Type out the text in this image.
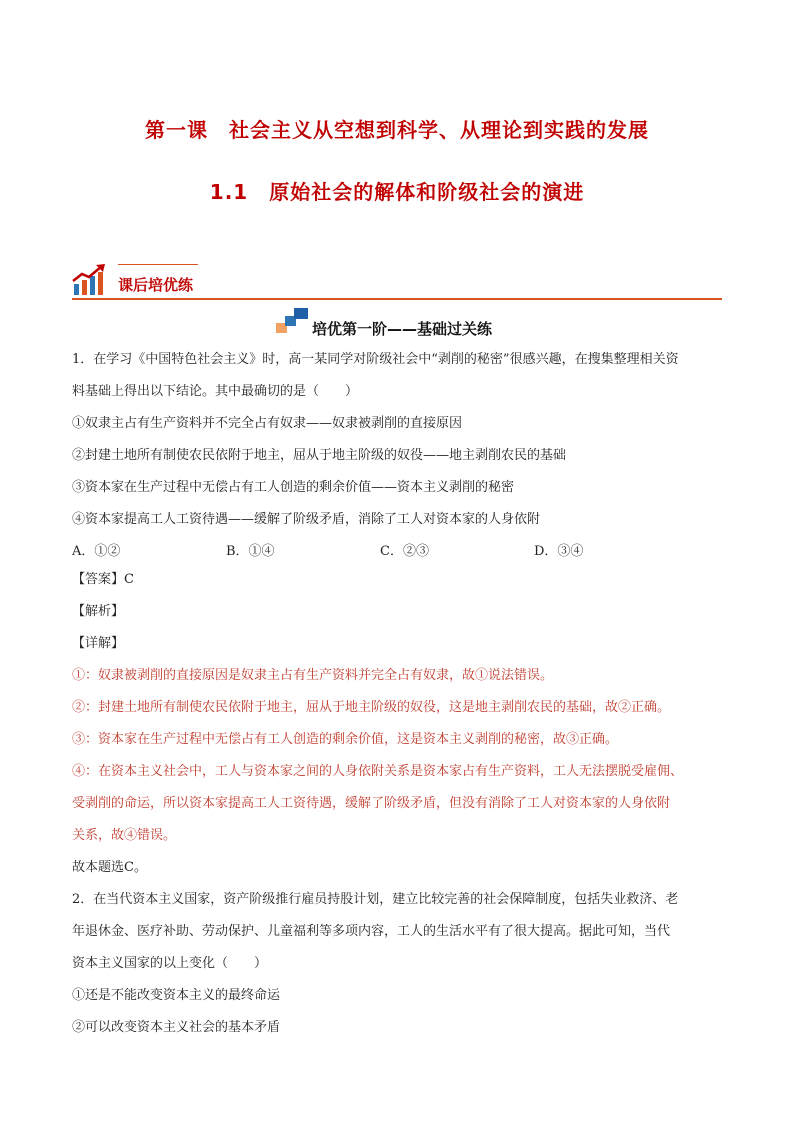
第一课　社会主义从空想到科学、从理论到实践的发展
1.1　原始社会的解体和阶级社会的演进
课后培优练
培优第一阶——基础过关练
1．在学习《中国特色社会主义》时，高一某同学对阶级社会中“剥削的秘密”很感兴趣，在搜集整理相关资
料基础上得出以下结论。其中最确切的是（　　）
①奴隶主占有生产资料并不完全占有奴隶——奴隶被剥削的直接原因
②封建土地所有制使农民依附于地主，屈从于地主阶级的奴役——地主剥削农民的基础
③资本家在生产过程中无偿占有工人创造的剩余价值——资本主义剥削的秘密
④资本家提高工人工资待遇——缓解了阶级矛盾，消除了工人对资本家的人身依附
A．①②	B．①④	C．②③	D．③④
【答案】C
【解析】
【详解】
①：奴隶被剥削的直接原因是奴隶主占有生产资料并完全占有奴隶，故①说法错误。
②：封建土地所有制使农民依附于地主，屈从于地主阶级的奴役，这是地主剥削农民的基础，故②正确。
③：资本家在生产过程中无偿占有工人创造的剩余价值，这是资本主义剥削的秘密，故③正确。
④：在资本主义社会中，工人与资本家之间的人身依附关系是资本家占有生产资料，工人无法摆脱受雇佣、
受剥削的命运，所以资本家提高工人工资待遇，缓解了阶级矛盾，但没有消除了工人对资本家的人身依附
关系，故④错误。
故本题选C。
2．在当代资本主义国家，资产阶级推行雇员持股计划，建立比较完善的社会保障制度，包括失业救济、老
年退休金、医疗补助、劳动保护、儿童福利等多项内容，工人的生活水平有了很大提高。据此可知，当代
资本主义国家的以上变化（　　）
①还是不能改变资本主义的最终命运
②可以改变资本主义社会的基本矛盾
